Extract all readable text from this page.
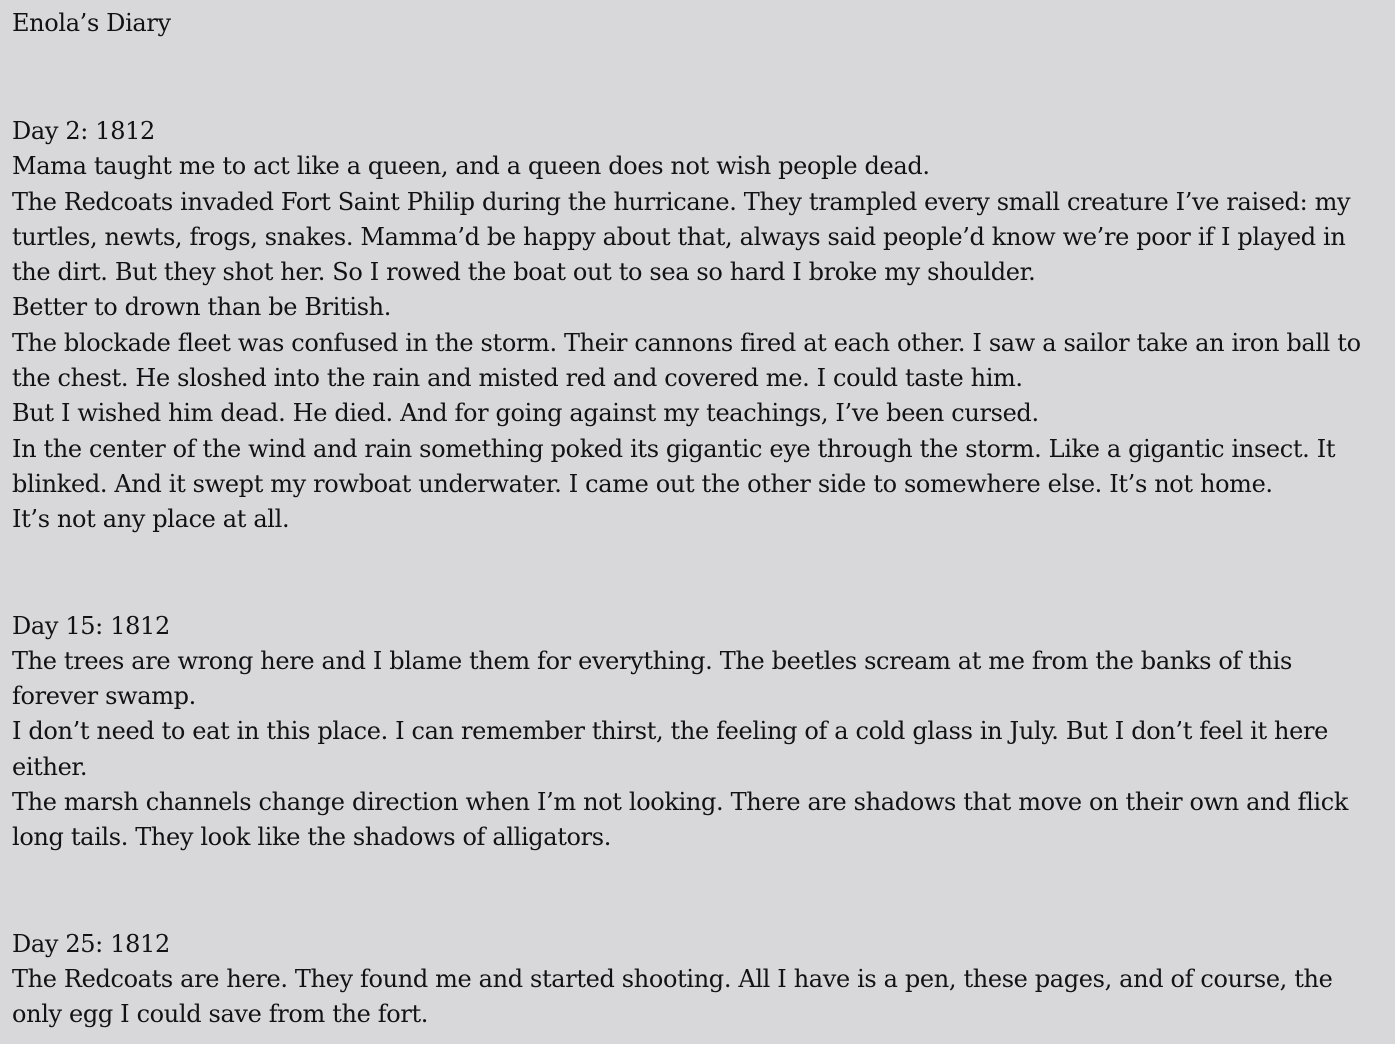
Enola’s Diary
Day 2: 1812

Mama taught me to act like a queen, and a queen does not wish people dead.

The Redcoats invaded Fort Saint Philip during the hurricane. They trampled every small creature I’ve raised: my
turtles, newts, frogs, snakes. Mamma’d be happy about that, always said people’d know we’re poor if I played in
the dirt. But they shot her. So I rowed the boat out to sea so hard I broke my shoulder.

Better to drown than be British.

The blockade fleet was confused in the storm. Their cannons fired at each other. I saw a sailor take an iron ball to
the chest. He sloshed into the rain and misted red and covered me. I could taste him.

But I wished him dead. He died. And for going against my teachings, I’ve been cursed.

In the center of the wind and rain something poked its gigantic eye through the storm. Like a gigantic insect. It
blinked. And it swept my rowboat underwater. I came out the other side to somewhere else. It’s not home.

It’s not any place at all.

Day 15: 1812

The trees are wrong here and I blame them for everything. The beetles scream at me from the banks of this
forever swamp.

I don’t need to eat in this place. I can remember thirst, the feeling of a cold glass in July. But I don’t feel it here
either.

The marsh channels change direction when I’m not looking. There are shadows that move on their own and flick
long tails. They look like the shadows of alligators.

Day 25: 1812

The Redcoats are here. They found me and started shooting. All I have is a pen, these pages, and of course, the
only egg I could save from the fort.
